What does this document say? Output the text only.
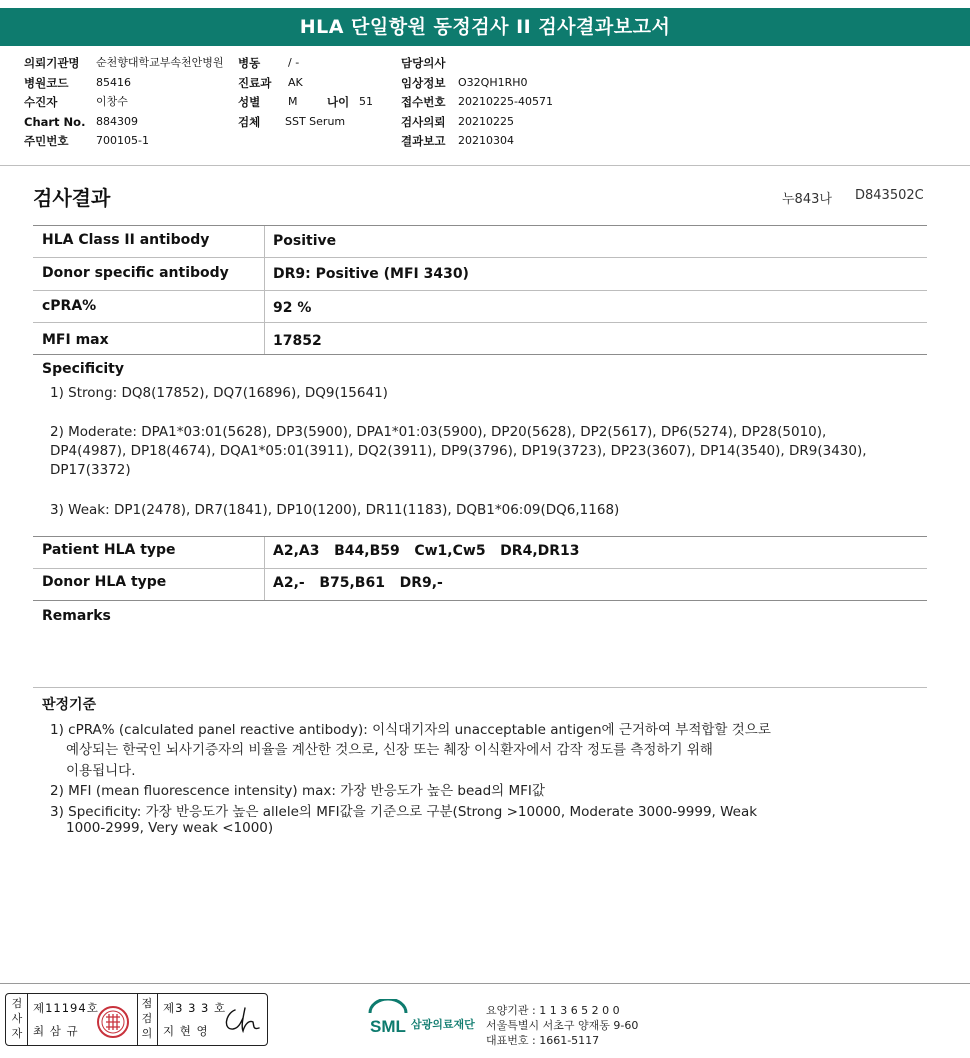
HLA 단일항원 동정검사 II 검사결과보고서
의뢰기관명 순천향대학교부속천안병원 병동	/ -	담당의사
병원코드	85416	진료과 AK	임상정보 O32QH1RH0
수진자	이창수	성별	M	나이 51 접수번호 20210225-40571
Chart No. 884309	검체 SST Serum	검사의뢰 20210225
주민번호	700105-1	결과보고 20210304
검사결과	누843나 D843502C
HLA Class II antibody	Positive
Donor specific antibody	DR9: Positive (MFI 3430)
cPRA%	92 %
MFI max	17852
Specificity
1) Strong: DQ8(17852), DQ7(16896), DQ9(15641)
2) Moderate: DPA1*03:01(5628), DP3(5900), DPA1*01:03(5900), DP20(5628), DP2(5617), DP6(5274), DP28(5010),
DP4(4987), DP18(4674), DQA1*05:01(3911), DQ2(3911), DP9(3796), DP19(3723), DP23(3607), DP14(3540), DR9(3430),
DP17(3372)
3) Weak: DP1(2478), DR7(1841), DP10(1200), DR11(1183), DQB1*06:09(DQ6,1168)
Patient HLA type	A2,A3   B44,B59   Cw1,Cw5   DR4,DR13
Donor HLA type	A2,-   B75,B61   DR9,-
Remarks
판정기준
1) cPRA% (calculated panel reactive antibody): 이식대기자의 unacceptable antigen에 근거하여 부적합할 것으로
예상되는 한국인 뇌사기증자의 비율을 계산한 것으로, 신장 또는 췌장 이식환자에서 감작 정도를 측정하기 위해
이용됩니다.
2) MFI (mean fluorescence intensity) max: 가장 반응도가 높은 bead의 MFI값
3) Specificity: 가장 반응도가 높은 allele의 MFI값을 기준으로 구분(Strong >10000, Moderate 3000-9999, Weak
1000-2999, Very weak <1000)
검
사
자
제11194호
최 삼 규
점
검
의
제3 3 3 호
지 현 영	SML 삼광의료재단
요양기관 : 1 1 3 6 5 2 0 0
서울특별시 서초구 양재동 9-60
대표번호 : 1661-5117
